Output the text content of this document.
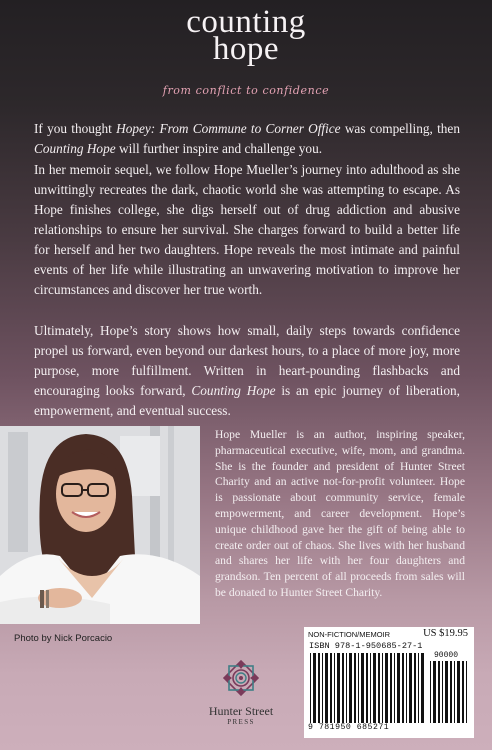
counting
hope
from conflict to confidence

If you thought Hopey: From Commune to Corner Office was compelling, then Counting Hope will further inspire and challenge you.

In her memoir sequel, we follow Hope Mueller’s journey into adulthood as she unwittingly recreates the dark, chaotic world she was attempting to escape. As Hope finishes college, she digs herself out of drug addiction and abusive relationships to ensure her survival. She charges forward to build a better life for herself and her two daughters. Hope reveals the most intimate and painful events of her life while illustrating an unwavering motivation to improve her circumstances and discover her true worth.

Ultimately, Hope’s story shows how small, daily steps towards confidence propel us forward, even beyond our darkest hours, to a place of more joy, more purpose, more fulfillment. Written in heart-pounding flashbacks and encouraging looks forward, Counting Hope is an epic journey of liberation, empowerment, and eventual success.

Photo by Nick Porcacio

Hope Mueller is an author, inspiring speaker, pharmaceutical executive, wife, mom, and grandma. She is the founder and president of Hunter Street Charity and an active not-for-profit volunteer. Hope is passionate about community service, female empowerment, and career development. Hope’s unique childhood gave her the gift of being able to create order out of chaos. She lives with her husband and shares her life with her four daughters and grandson. Ten percent of all proceeds from sales will be donated to Hunter Street Charity.

Hunter Street
PRESS
NON-FICTION/MEMOIR	US $19.95
ISBN 978-1-950685-27-1
90000
9 781950 685271
